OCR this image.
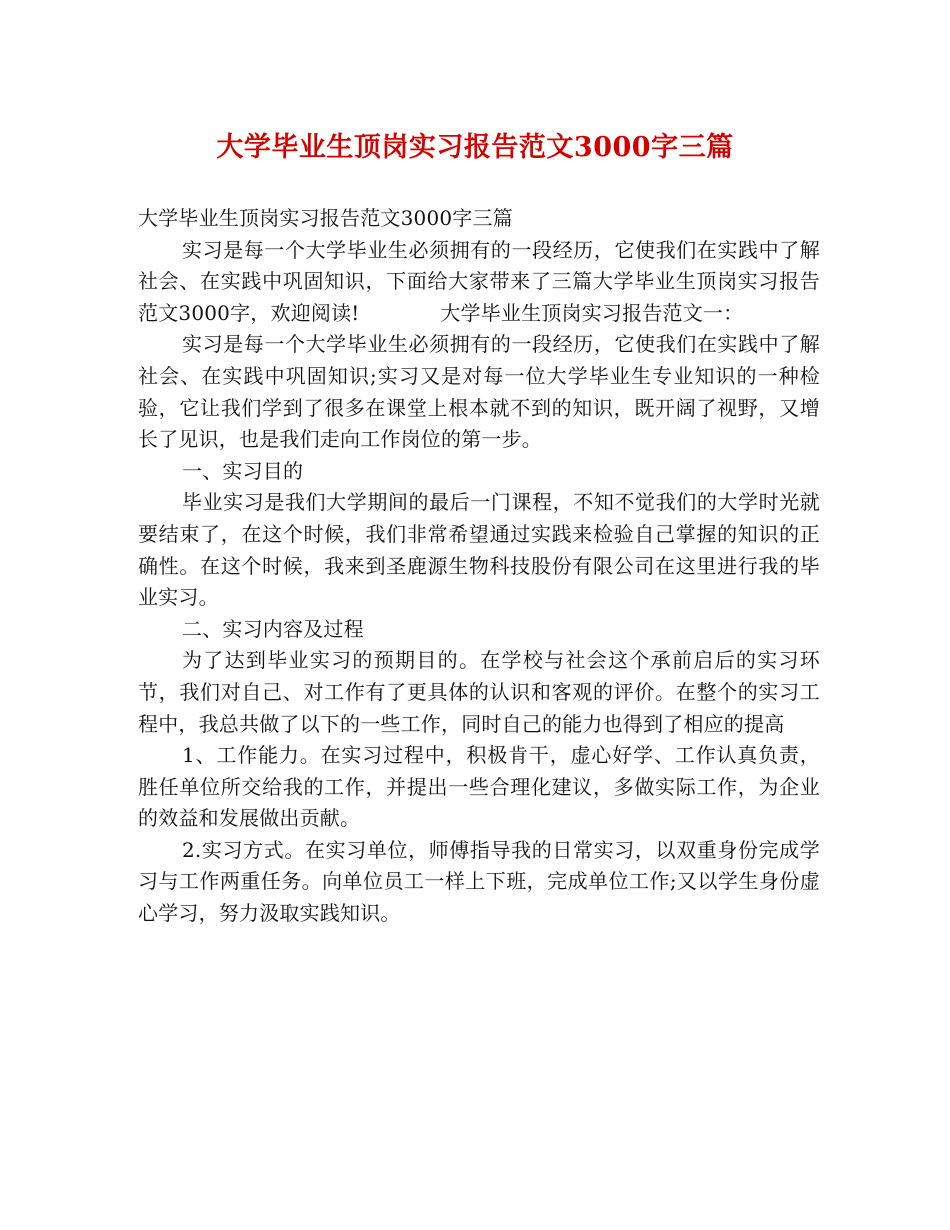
大学毕业生顶岗实习报告范文3000字三篇

大学毕业生顶岗实习报告范文3000字三篇

实习是每一个大学毕业生必须拥有的一段经历，它使我们在实践中了解社会、在实践中巩固知识，下面给大家带来了三篇大学毕业生顶岗实习报告范文3000字，欢迎阅读!　　　　大学毕业生顶岗实习报告范文一：

实习是每一个大学毕业生必须拥有的一段经历，它使我们在实践中了解社会、在实践中巩固知识;实习又是对每一位大学毕业生专业知识的一种检验，它让我们学到了很多在课堂上根本就不到的知识，既开阔了视野，又增长了见识，也是我们走向工作岗位的第一步。

一、实习目的

毕业实习是我们大学期间的最后一门课程，不知不觉我们的大学时光就要结束了，在这个时候，我们非常希望通过实践来检验自己掌握的知识的正确性。在这个时候，我来到圣鹿源生物科技股份有限公司在这里进行我的毕业实习。

二、实习内容及过程

为了达到毕业实习的预期目的。在学校与社会这个承前启后的实习环节，我们对自己、对工作有了更具体的认识和客观的评价。在整个的实习工程中，我总共做了以下的一些工作，同时自己的能力也得到了相应的提高

1、工作能力。在实习过程中，积极肯干，虚心好学、工作认真负责，胜任单位所交给我的工作，并提出一些合理化建议，多做实际工作，为企业的效益和发展做出贡献。

2.实习方式。在实习单位，师傅指导我的日常实习，以双重身份完成学习与工作两重任务。向单位员工一样上下班，完成单位工作;又以学生身份虚心学习，努力汲取实践知识。
